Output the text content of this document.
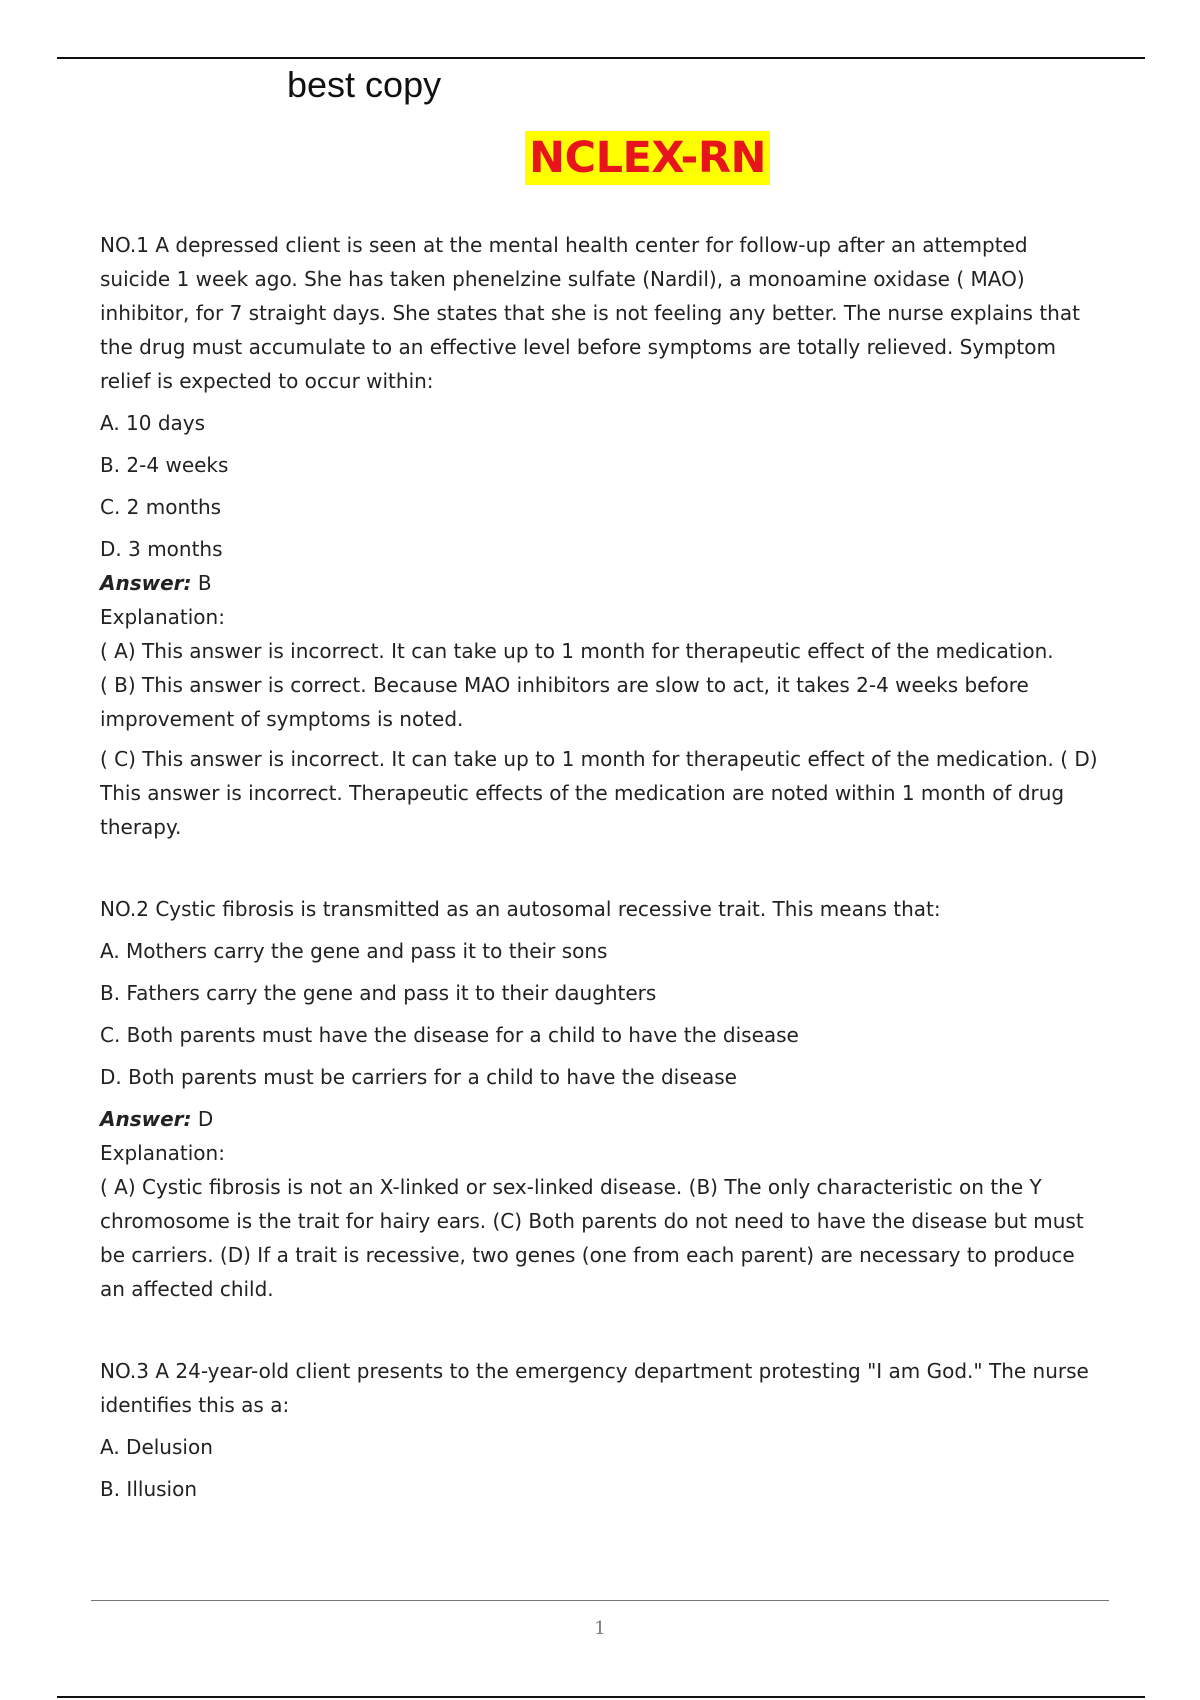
best copy
NCLEX-RN

NO.1 A depressed client is seen at the mental health center for follow-up after an attempted suicide 1 week ago. She has taken phenelzine sulfate (Nardil), a monoamine oxidase ( MAO) inhibitor, for 7 straight days. She states that she is not feeling any better. The nurse explains that the drug must accumulate to an effective level before symptoms are totally relieved. Symptom relief is expected to occur within:

A. 10 days

B. 2-4 weeks

C. 2 months

D. 3 months

Answer: B

Explanation:

( A) This answer is incorrect. It can take up to 1 month for therapeutic effect of the medication.

( B) This answer is correct. Because MAO inhibitors are slow to act, it takes 2-4 weeks before improvement of symptoms is noted.

( C) This answer is incorrect. It can take up to 1 month for therapeutic effect of the medication. ( D) This answer is incorrect. Therapeutic effects of the medication are noted within 1 month of drug therapy.

NO.2 Cystic fibrosis is transmitted as an autosomal recessive trait. This means that:

A. Mothers carry the gene and pass it to their sons

B. Fathers carry the gene and pass it to their daughters

C. Both parents must have the disease for a child to have the disease

D. Both parents must be carriers for a child to have the disease

Answer: D

Explanation:

( A) Cystic fibrosis is not an X-linked or sex-linked disease. (B) The only characteristic on the Y chromosome is the trait for hairy ears. (C) Both parents do not need to have the disease but must be carriers. (D) If a trait is recessive, two genes (one from each parent) are necessary to produce an affected child.

NO.3 A 24-year-old client presents to the emergency department protesting "I am God." The nurse identifies this as a:

A. Delusion

B. Illusion

1
